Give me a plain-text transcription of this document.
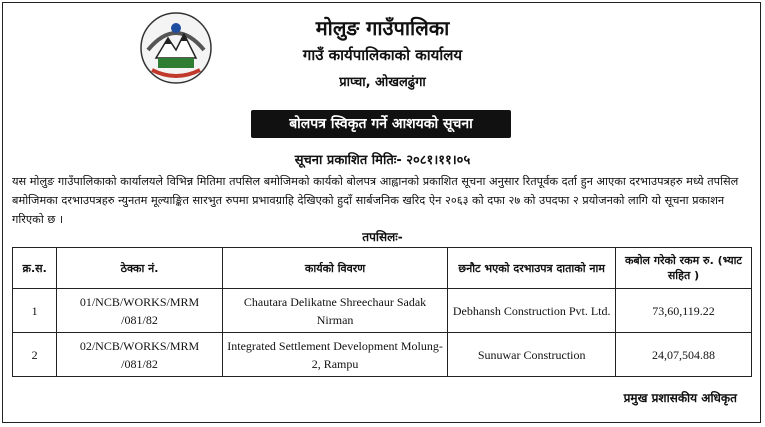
मोलुङ गाउँपालिका
गाउँ कार्यपालिकाको कार्यालय
प्राप्चा, ओखलढुंगा
बोलपत्र स्विकृत गर्ने आशयको सूचना
सूचना प्रकाशित मितिः- २०८१।११।०५
यस मोलुङ गाउँपालिकाको कार्यालयले विभिन्न मितिमा तपसिल बमोजिमको कार्यको बोलपत्र आह्वानको प्रकाशित सूचना अनुसार रितपूर्वक दर्ता हुन आएका दरभाउपत्रहरु मध्ये तपसिल बमोजिमका दरभाउपत्रहरु न्युनतम मूल्याङ्कित सारभुत रुपमा प्रभावग्राहि देखिएको हुदाँ सार्बजनिक खरिद ऐन २०६३ को दफा २७ को उपदफा २ प्रयोजनको लागि यो सूचना प्रकाशन गरिएको छ ।
तपसिलः-
क्र.स.	ठेक्का नं.	कार्यको विवरण	छनौट भएको दरभाउपत्र दाताको नाम	कबोल गरेको रकम रु. (भ्याट सहित )
1	01/NCB/WORKS/MRM /081/82	Chautara Delikatne Shreechaur Sadak Nirman	Debhansh Construction Pvt. Ltd.	73,60,119.22
2	02/NCB/WORKS/MRM /081/82	Integrated Settlement Development Molung-2, Rampu	Sunuwar Construction	24,07,504.88
प्रमुख प्रशासकीय अधिकृत
